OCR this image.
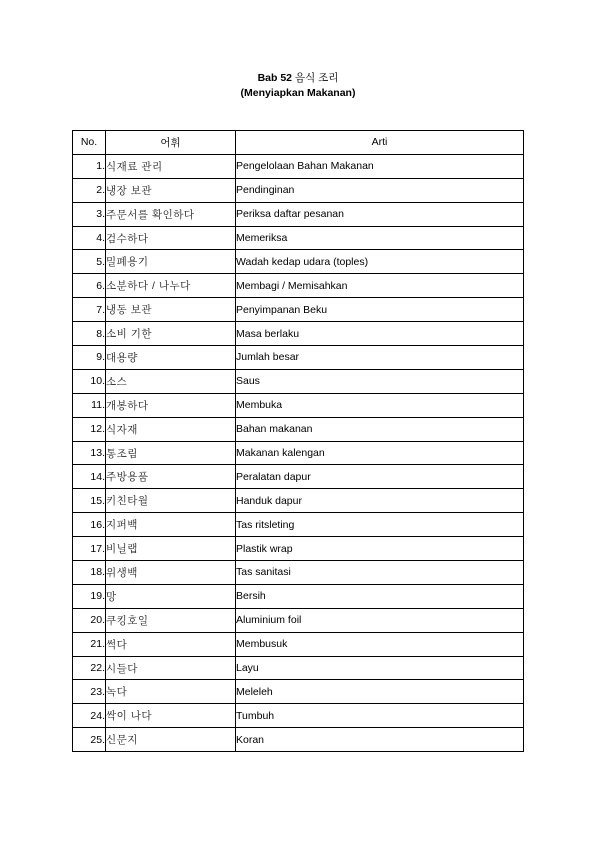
Bab 52 음식 조리
(Menyiapkan Makanan)
No.	어휘	Arti
1.	식재료 관리	Pengelolaan Bahan Makanan
2.	냉장 보관	Pendinginan
3.	주문서를 확인하다	Periksa daftar pesanan
4.	검수하다	Memeriksa
5.	밀폐용기	Wadah kedap udara (toples)
6.	소분하다 / 나누다	Membagi / Memisahkan
7.	냉동 보관	Penyimpanan Beku
8.	소비 기한	Masa berlaku
9.	대용량	Jumlah besar
10.	소스	Saus
11.	개봉하다	Membuka
12.	식자재	Bahan makanan
13.	통조림	Makanan kalengan
14.	주방용품	Peralatan dapur
15.	키친타월	Handuk dapur
16.	지퍼백	Tas ritsleting
17.	비닐랩	Plastik wrap
18.	위생백	Tas sanitasi
19.	망	Bersih
20.	쿠킹호일	Aluminium foil
21.	썩다	Membusuk
22.	시들다	Layu
23.	녹다	Meleleh
24.	싹이 나다	Tumbuh
25.	신문지	Koran
